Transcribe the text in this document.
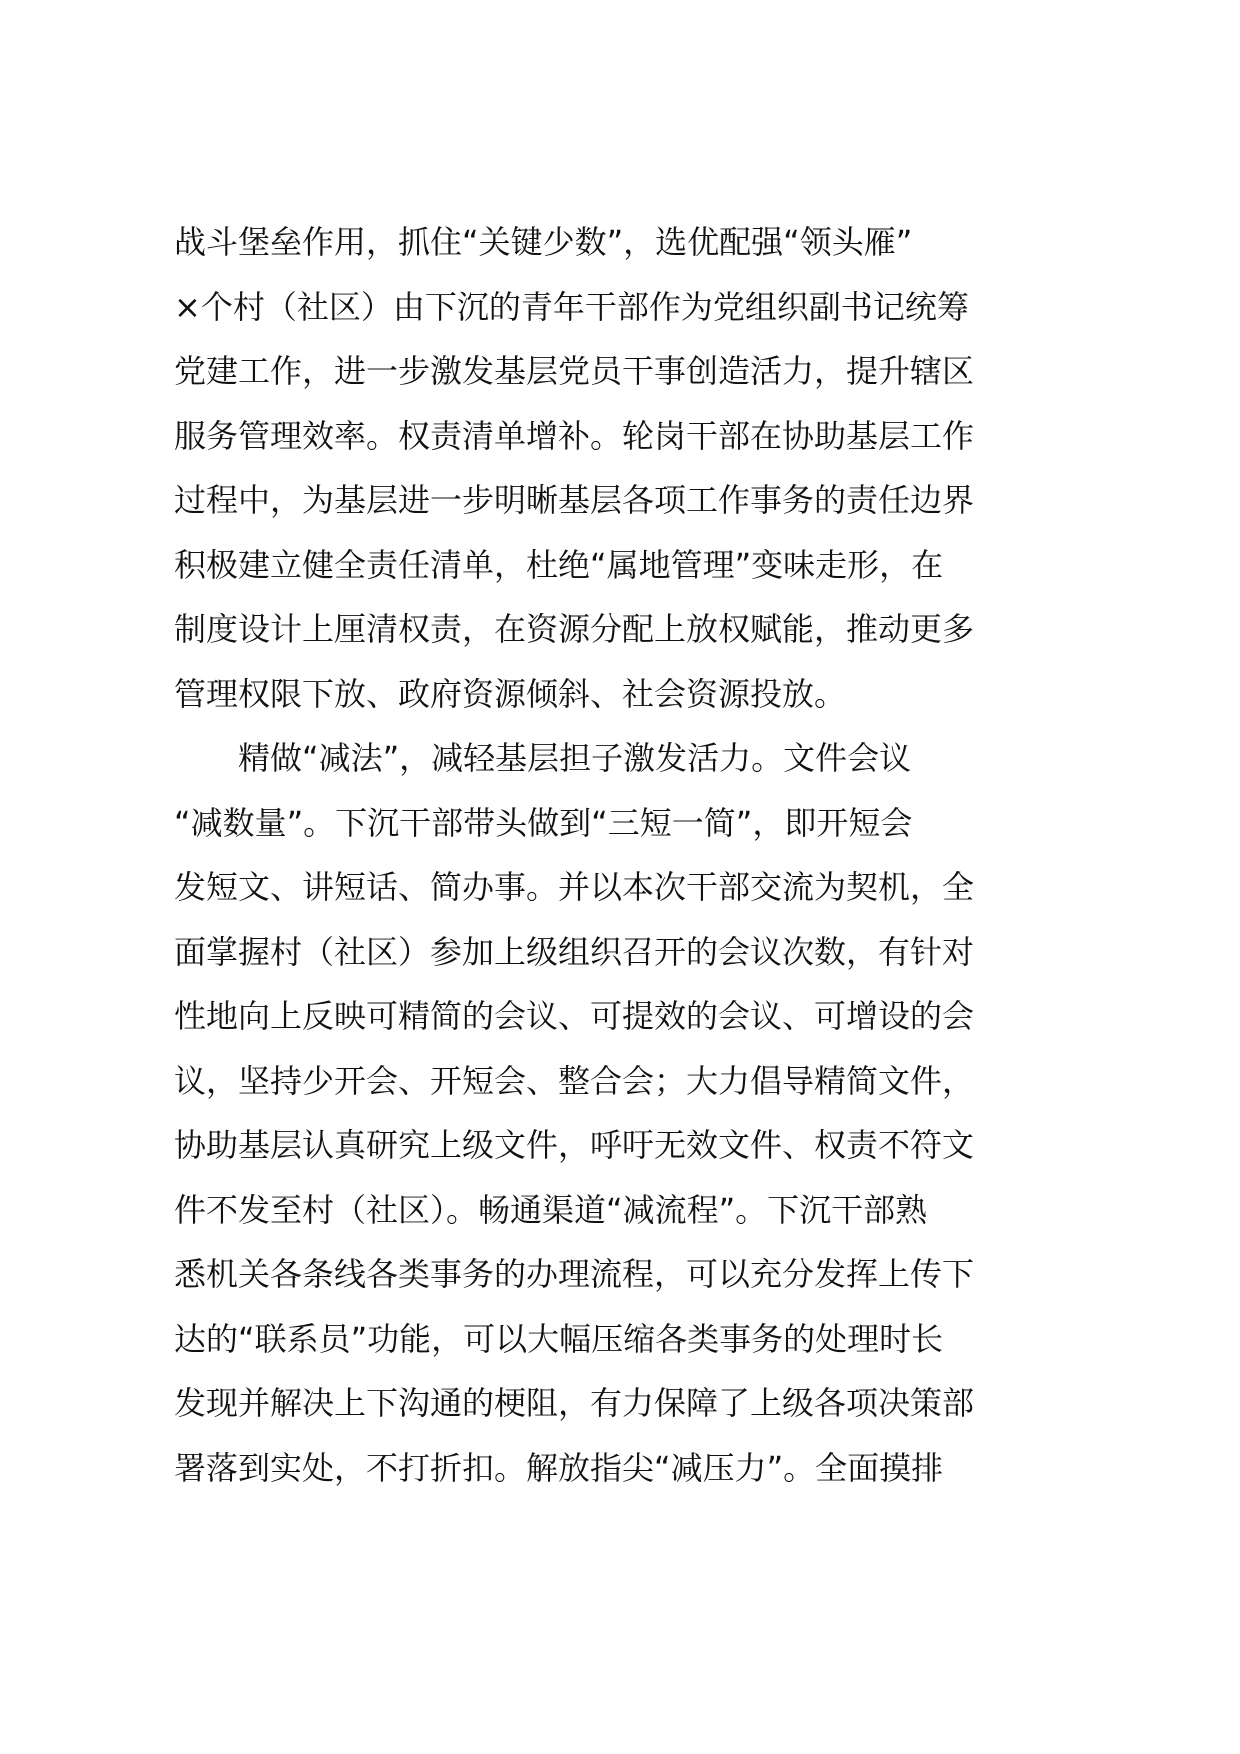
战斗堡垒作用，抓住“关键少数”，选优配强“领头雁”
×个村（社区）由下沉的青年干部作为党组织副书记统筹
党建工作，进一步激发基层党员干事创造活力，提升辖区
服务管理效率。权责清单增补。轮岗干部在协助基层工作
过程中，为基层进一步明晰基层各项工作事务的责任边界
积极建立健全责任清单，杜绝“属地管理”变味走形，在
制度设计上厘清权责，在资源分配上放权赋能，推动更多
管理权限下放、政府资源倾斜、社会资源投放。
精做“减法”，减轻基层担子激发活力。文件会议
“减数量”。下沉干部带头做到“三短一简”，即开短会
发短文、讲短话、简办事。并以本次干部交流为契机，全
面掌握村（社区）参加上级组织召开的会议次数，有针对
性地向上反映可精简的会议、可提效的会议、可增设的会
议，坚持少开会、开短会、整合会；大力倡导精简文件，
协助基层认真研究上级文件，呼吁无效文件、权责不符文
件不发至村（社区）。畅通渠道“减流程”。下沉干部熟
悉机关各条线各类事务的办理流程，可以充分发挥上传下
达的“联系员”功能，可以大幅压缩各类事务的处理时长
发现并解决上下沟通的梗阻，有力保障了上级各项决策部
署落到实处，不打折扣。解放指尖“减压力”。全面摸排
